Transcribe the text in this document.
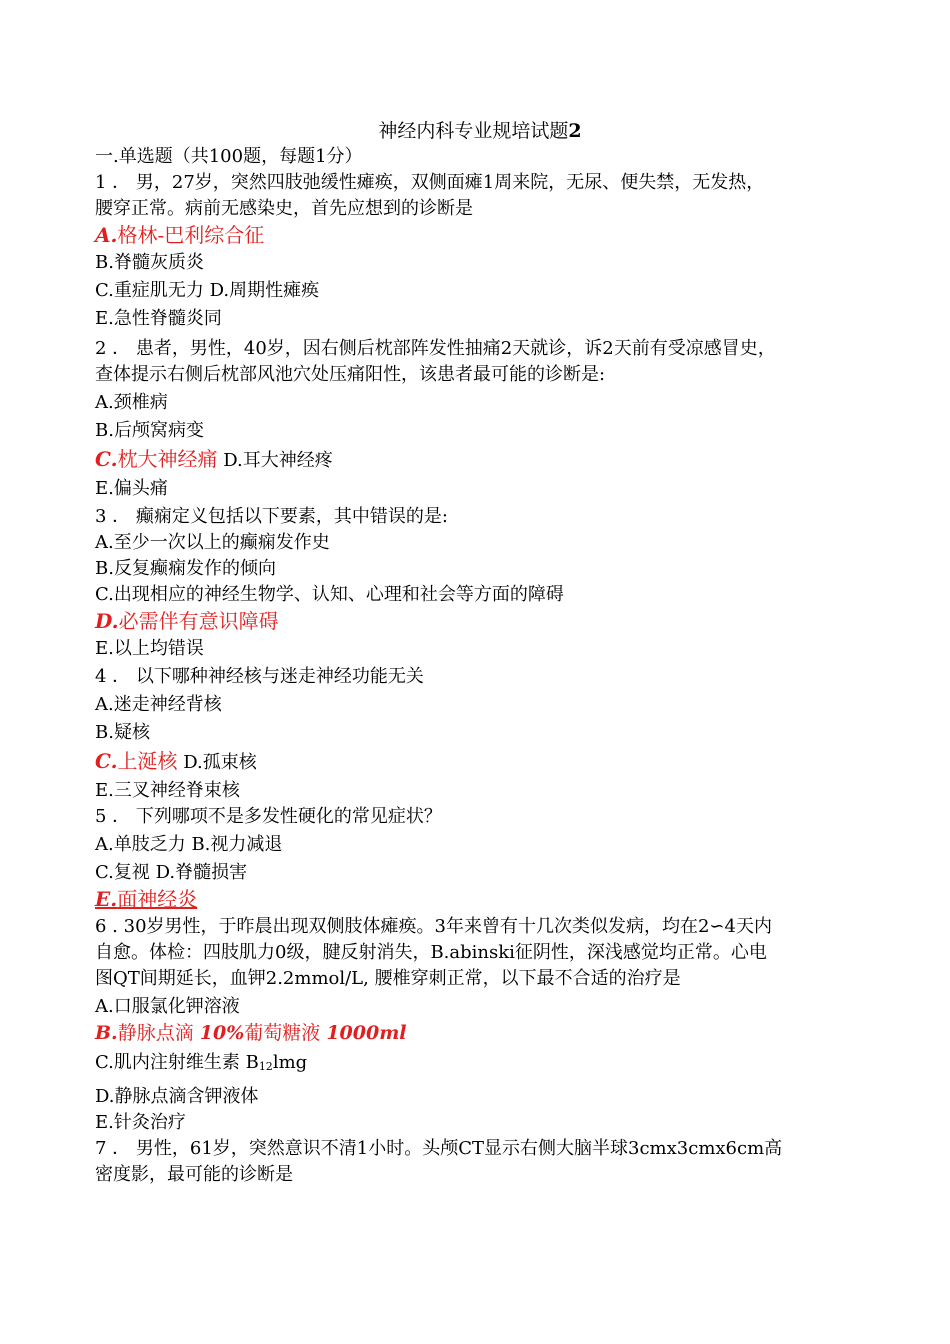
神经内科专业规培试题2
一.单选题（共100题，每题1分）
1 ． 男，27岁，突然四肢弛缓性瘫痪，双侧面瘫1周来院，无尿、便失禁，无发热，
腰穿正常。病前无感染史，首先应想到的诊断是
A.格林-巴利综合征
B.脊髓灰质炎
C.重症肌无力 D.周期性瘫痪
E.急性脊髓炎同
2 ． 患者，男性，40岁，因右侧后枕部阵发性抽痛2天就诊，诉2天前有受凉感冒史，
查体提示右侧后枕部风池穴处压痛阳性，该患者最可能的诊断是:
A.颈椎病
B.后颅窝病变
C.枕大神经痛 D.耳大神经疼
E.偏头痛
3 ． 癫痫定义包括以下要素，其中错误的是:
A.至少一次以上的癫痫发作史
B.反复癫痫发作的倾向
C.出现相应的神经生物学、认知、心理和社会等方面的障碍
D.必需伴有意识障碍
E.以上均错误
4 ． 以下哪种神经核与迷走神经功能无关
A.迷走神经背核
B.疑核
C.上涎核 D.孤束核
E.三叉神经脊束核
5 ． 下列哪项不是多发性硬化的常见症状？
A.单肢乏力 B.视力减退
C.复视 D.脊髓损害
E.面神经炎
6 . 30岁男性，于昨晨出现双侧肢体瘫痪。3年来曾有十几次类似发病，均在2∽4天内
自愈。体检：四肢肌力0级，腱反射消失，B.abinski征阴性，深浅感觉均正常。心电
图QT间期延长，血钾2.2mmol/L, 腰椎穿刺正常，以下最不合适的治疗是
A.口服氯化钾溶液
B.静脉点滴 10%葡萄糖液 1000ml
C.肌内注射维生素 $B_{12}lmg$
D.静脉点滴含钾液体
E.针灸治疗
7 ． 男性，61岁，突然意识不清1小时。头颅CT显示右侧大脑半球3cmx3cmx6cm高
密度影，最可能的诊断是
